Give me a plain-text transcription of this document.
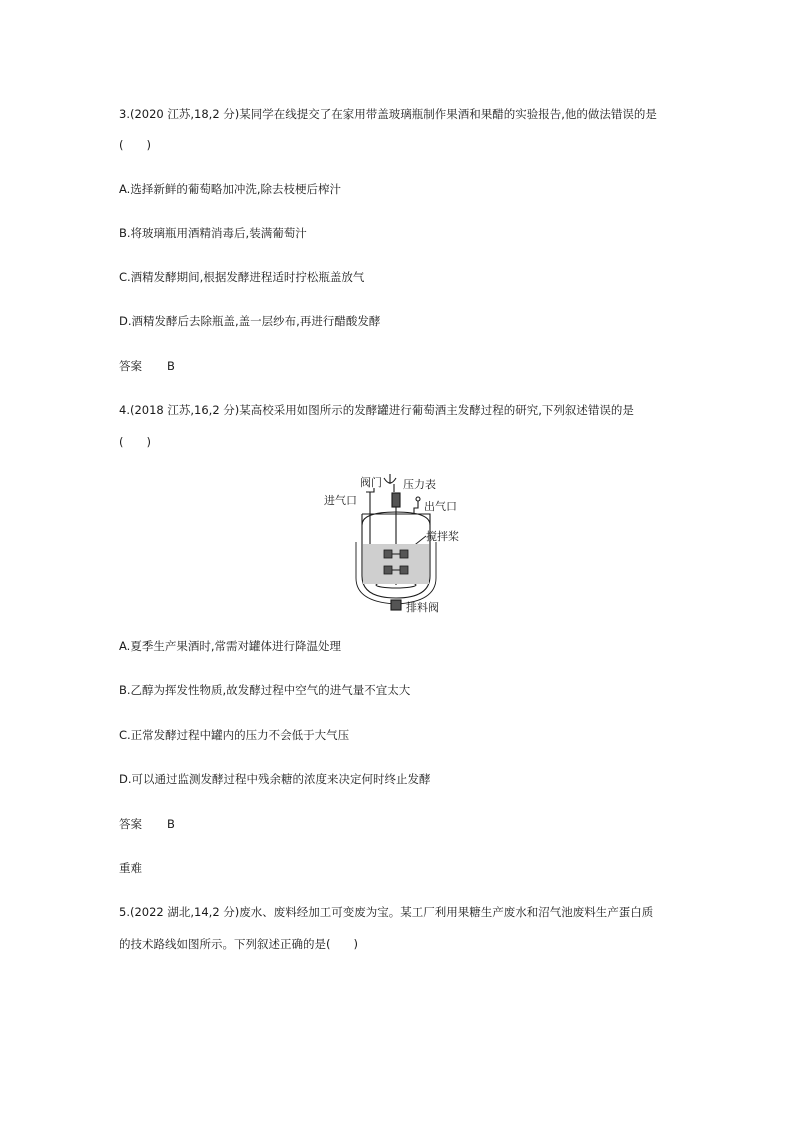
3.(2020 江苏,18,2 分)某同学在线提交了在家用带盖玻璃瓶制作果酒和果醋的实验报告,他的做法错误的是
(　　)
A.选择新鲜的葡萄略加冲洗,除去枝梗后榨汁
B.将玻璃瓶用酒精消毒后,装满葡萄汁
C.酒精发酵期间,根据发酵进程适时拧松瓶盖放气
D.酒精发酵后去除瓶盖,盖一层纱布,再进行醋酸发酵
答案 B
4.(2018 江苏,16,2 分)某高校采用如图所示的发酵罐进行葡萄酒主发酵过程的研究,下列叙述错误的是
(　　)
阀门 压力表
进气口	出气口
搅拌桨
排料阀
A.夏季生产果酒时,常需对罐体进行降温处理
B.乙醇为挥发性物质,故发酵过程中空气的进气量不宜太大
C.正常发酵过程中罐内的压力不会低于大气压
D.可以通过监测发酵过程中残余糖的浓度来决定何时终止发酵
答案 B
重难
5.(2022 湖北,14,2 分)废水、废料经加工可变废为宝。某工厂利用果糖生产废水和沼气池废料生产蛋白质
的技术路线如图所示。下列叙述正确的是(　　)
